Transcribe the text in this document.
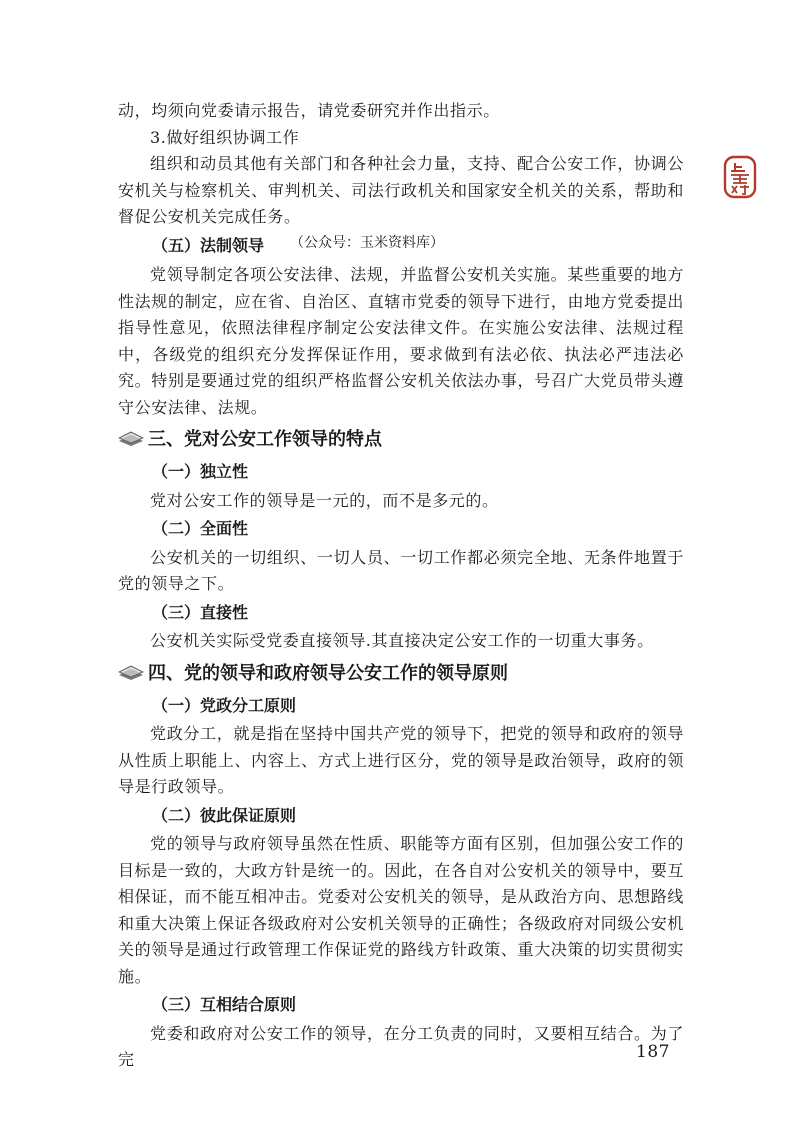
动，均须向党委请示报告，请党委研究并作出指示。

3.做好组织协调工作

组织和动员其他有关部门和各种社会力量，支持、配合公安工作，协调公安机关与检察机关、审判机关、司法行政机关和国家安全机关的关系，帮助和督促公安机关完成任务。

（五）法制领导 （公众号：玉米资料库）

党领导制定各项公安法律、法规，并监督公安机关实施。某些重要的地方性法规的制定，应在省、自治区、直辖市党委的领导下进行，由地方党委提出指导性意见，依照法律程序制定公安法律文件。在实施公安法律、法规过程中，各级党的组织充分发挥保证作用，要求做到有法必依、执法必严违法必究。特别是要通过党的组织严格监督公安机关依法办事，号召广大党员带头遵守公安法律、法规。

三、党对公安工作领导的特点
（一）独立性

党对公安工作的领导是一元的，而不是多元的。

（二）全面性

公安机关的一切组织、一切人员、一切工作都必须完全地、无条件地置于党的领导之下。

（三）直接性

公安机关实际受党委直接领导.其直接决定公安工作的一切重大事务。

四、党的领导和政府领导公安工作的领导原则
（一）党政分工原则

党政分工，就是指在坚持中国共产党的领导下，把党的领导和政府的领导从性质上职能上、内容上、方式上进行区分，党的领导是政治领导，政府的领导是行政领导。

（二）彼此保证原则

党的领导与政府领导虽然在性质、职能等方面有区别，但加强公安工作的目标是一致的，大政方针是统一的。因此，在各自对公安机关的领导中，要互相保证，而不能互相冲击。党委对公安机关的领导，是从政治方向、思想路线和重大决策上保证各级政府对公安机关领导的正确性；各级政府对同级公安机关的领导是通过行政管理工作保证党的路线方针政策、重大决策的切实贯彻实施。

（三）互相结合原则

党委和政府对公安工作的领导，在分工负责的同时，又要相互结合。为了完	187
